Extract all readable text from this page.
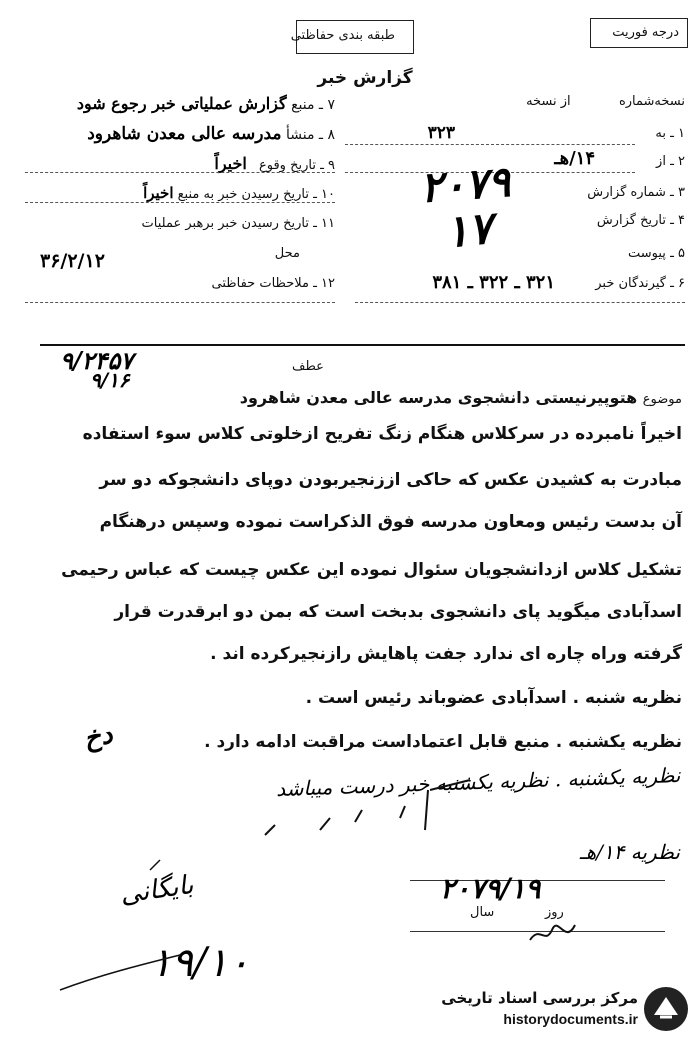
درجه فوریت
طبقه بندی حفاظتی
گزارش خبر
نسخه‌شماره  از نسخه
۱ ـ به
۳۲۳
۲ ـ از
۱۴/هـ
۳ ـ شماره گزارش
۴ ـ تاریخ گزارش
۵ ـ پیوست
۶ ـ گیرندگان خبر
۳۲۱ ـ ۳۲۲ ـ ۳۸۱
۲۰۷۹
۱۷
۷ ـ منبع گزارش عملیاتی خبر رجوع شود
۸ ـ منشأ مدرسه عالی معدن شاهرود
۹ ـ تاریخ وقوع اخیراً
۱۰ ـ تاریخ رسیدن خبر به منبع اخیراً
۱۱ ـ تاریخ رسیدن خبر برهبر عملیات
محل
۳۶/۲/۱۲
۱۲ ـ ملاحظات حفاظتی
۹/۲۴۵۷	عطف
۹/۱۶
موضوع هتوپیرنیستی دانشجوی مدرسه عالی معدن شاهرود
اخیراً نامبرده در سرکلاس هنگام زنگ تفریح ازخلوتی کلاس سوء استفاده
مبادرت به کشیدن عکس که حاکی اززنجیربودن دوپای دانشجوکه دو سر
آن بدست رئیس ومعاون مدرسه فوق الذکراست نموده وسپس درهنگام
تشکیل کلاس ازدانشجویان سئوال نموده این عکس چیست که عباس رحیمی
اسدآبادی میگوید پای دانشجوی بدبخت است که بمن دو ابرقدرت قرار
گرفته وراه چاره ای ندارد جفت پاهایش رازنجیرکرده اند .
نظریه شنبه . اسدآبادی عضوباند رئیس است .
نظریه یکشنبه . منبع قابل اعتماداست مراقبت ادامه دارد .
دخ
نظریه یکشنبه . نظریه یکشنبه خبر درست میباشد
نظریه ۱۴/هـ
روز
سال
۲۰۷۹/۱۹
بایگانی
۱۹/۱۰
مرکز بررسی اسناد تاریخی
historydocuments.ir
